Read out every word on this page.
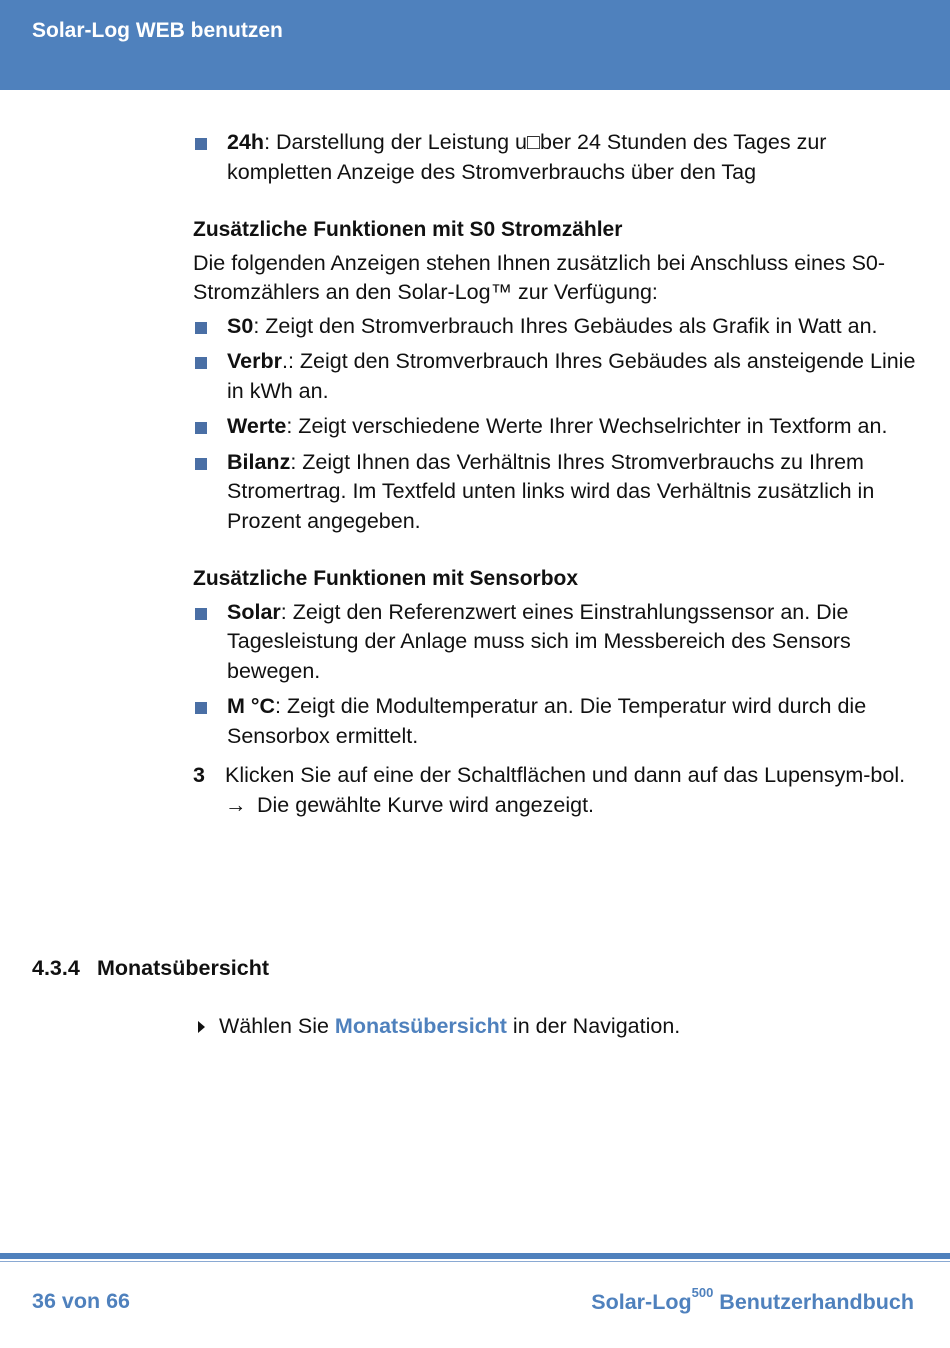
Solar-Log WEB benutzen
24h: Darstellung der Leistung u□ber 24 Stunden des Tages zur kompletten Anzeige des Stromverbrauchs über den Tag
Zusätzliche Funktionen mit S0 Stromzähler

Die folgenden Anzeigen stehen Ihnen zusätzlich bei Anschluss eines S0-Stromzählers an den Solar-Log™ zur Verfügung:

S0: Zeigt den Stromverbrauch Ihres Gebäudes als Grafik in Watt an.
Verbr.: Zeigt den Stromverbrauch Ihres Gebäudes als ansteigende Linie in kWh an.
Werte: Zeigt verschiedene Werte Ihrer Wechselrichter in Textform an.
Bilanz: Zeigt Ihnen das Verhältnis Ihres Stromverbrauchs zu Ihrem Stromertrag. Im Textfeld unten links wird das Verhältnis zusätzlich in Prozent angegeben.
Zusätzliche Funktionen mit Sensorbox
Solar: Zeigt den Referenzwert eines Einstrahlungssensor an. Die Tagesleistung der Anlage muss sich im Messbereich des Sensors bewegen.
M °C: Zeigt die Modultemperatur an. Die Temperatur wird durch die Sensorbox ermittelt.
3 Klicken Sie auf eine der Schaltflächen und dann auf das Lupensym-bol.
→ Die gewählte Kurve wird angezeigt.
4.3.4 Monatsübersicht
Wählen Sie Monatsübersicht in der Navigation.
36 von 66	Solar-Log$^{500}$ Benutzerhandbuch
